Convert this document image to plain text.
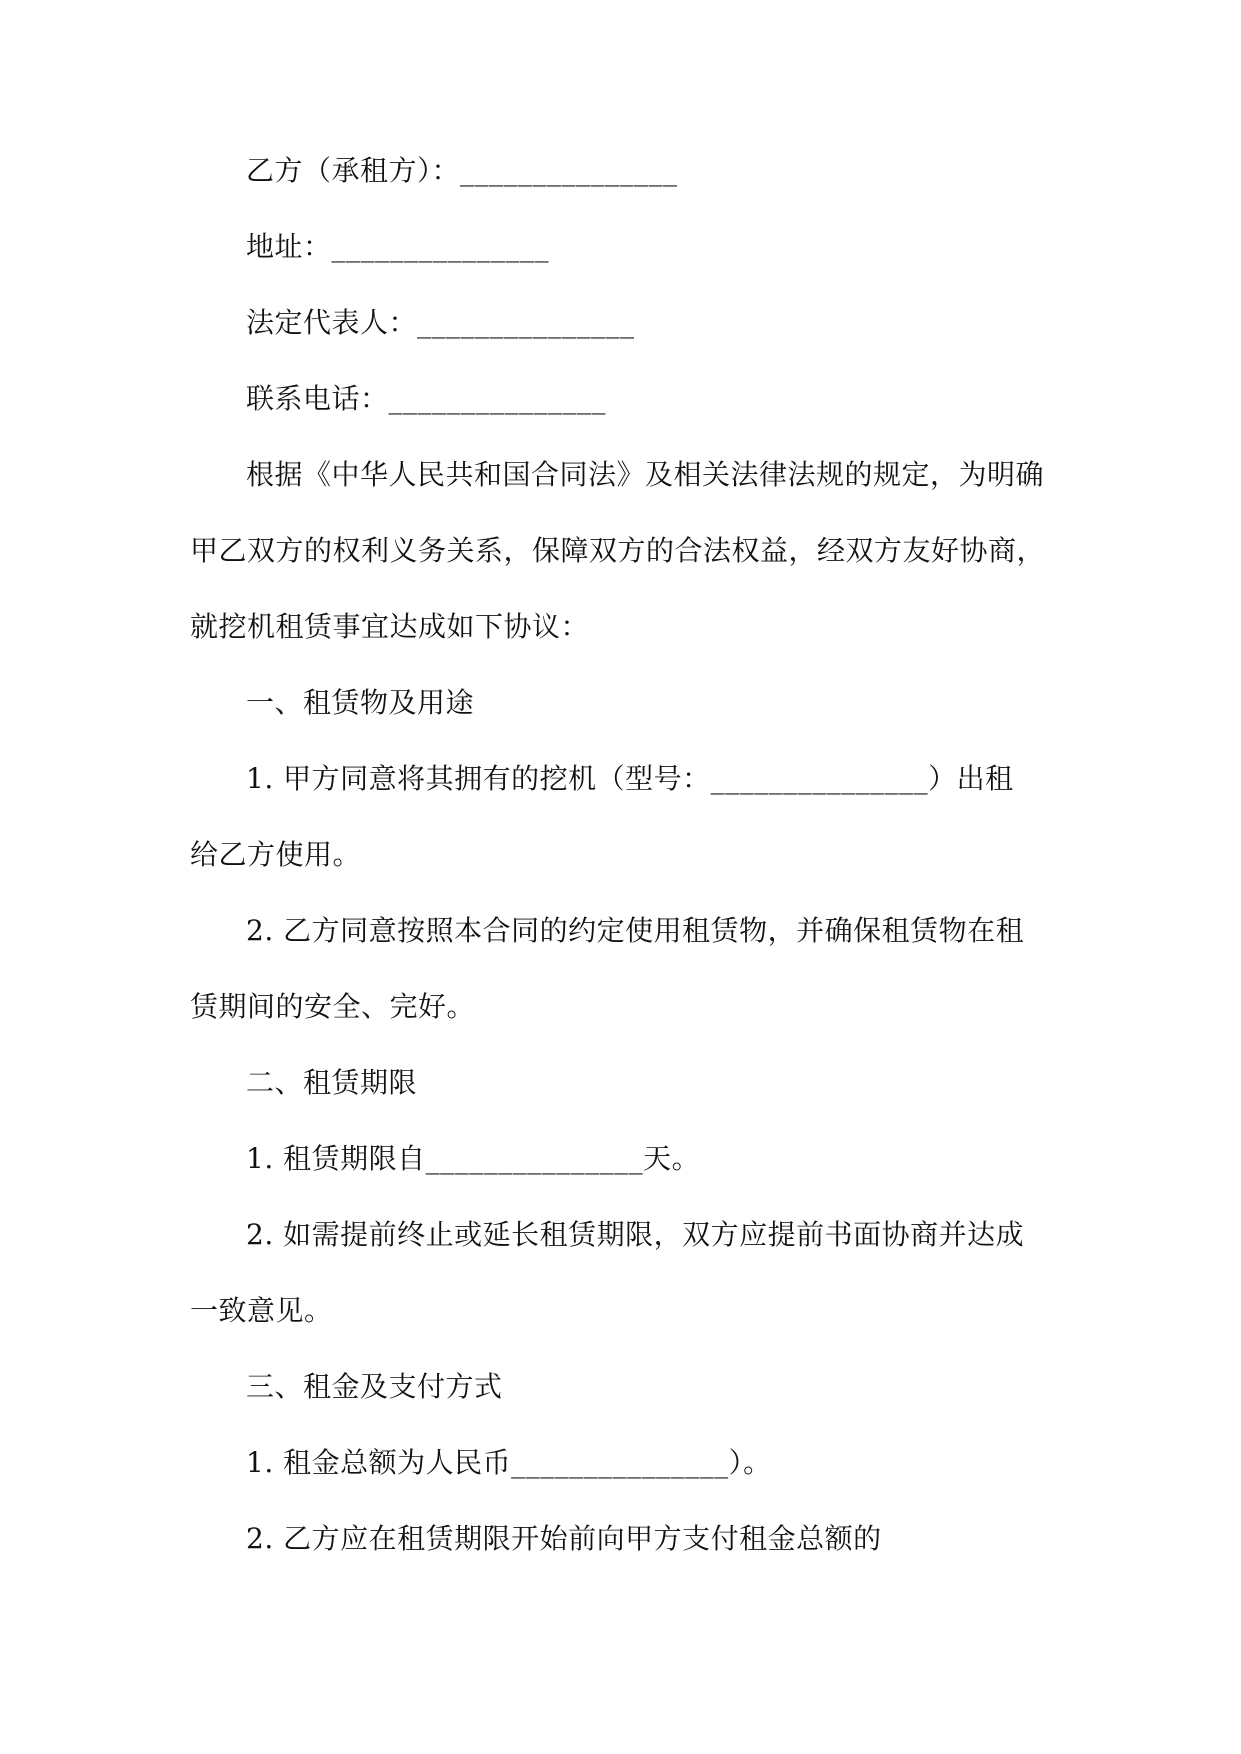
乙方（承租方）：_______________
地址：_______________
法定代表人：_______________
联系电话：_______________
根据《中华人民共和国合同法》及相关法律法规的规定，为明确
甲乙双方的权利义务关系，保障双方的合法权益，经双方友好协商，
就挖机租赁事宜达成如下协议：
一、租赁物及用途
1. 甲方同意将其拥有的挖机（型号：_______________）出租
给乙方使用。
2. 乙方同意按照本合同的约定使用租赁物，并确保租赁物在租
赁期间的安全、完好。
二、租赁期限
1. 租赁期限自_______________天。
2. 如需提前终止或延长租赁期限，双方应提前书面协商并达成
一致意见。
三、租金及支付方式
1. 租金总额为人民币_______________）。
2. 乙方应在租赁期限开始前向甲方支付租金总额的
